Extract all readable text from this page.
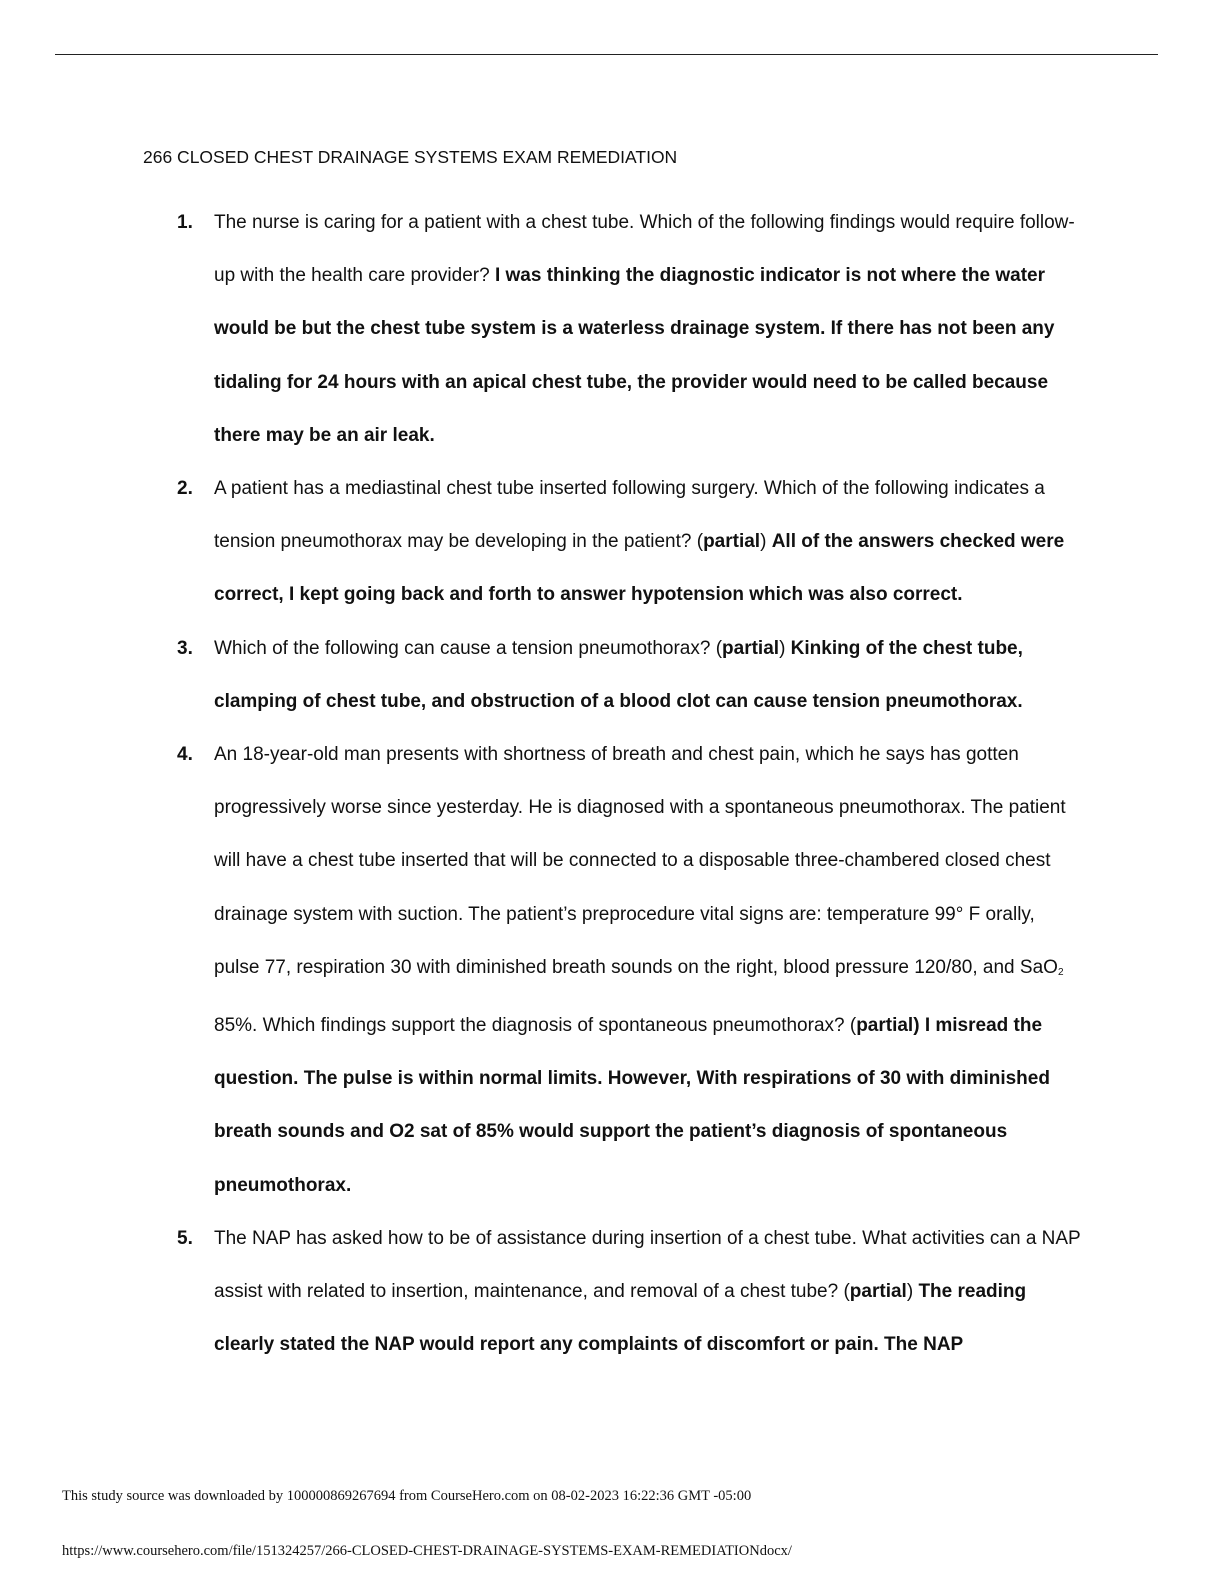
266 CLOSED CHEST DRAINAGE SYSTEMS EXAM REMEDIATION
1. The nurse is caring for a patient with a chest tube. Which of the following findings would require follow-up with the health care provider? I was thinking the diagnostic indicator is not where the water would be but the chest tube system is a waterless drainage system. If there has not been any tidaling for 24 hours with an apical chest tube, the provider would need to be called because there may be an air leak.
2. A patient has a mediastinal chest tube inserted following surgery. Which of the following indicates a tension pneumothorax may be developing in the patient? (partial) All of the answers checked were correct, I kept going back and forth to answer hypotension which was also correct.
3. Which of the following can cause a tension pneumothorax? (partial) Kinking of the chest tube, clamping of chest tube, and obstruction of a blood clot can cause tension pneumothorax.
4. An 18-year-old man presents with shortness of breath and chest pain, which he says has gotten progressively worse since yesterday. He is diagnosed with a spontaneous pneumothorax. The patient will have a chest tube inserted that will be connected to a disposable three-chambered closed chest drainage system with suction. The patient’s preprocedure vital signs are: temperature 99° F orally, pulse 77, respiration 30 with diminished breath sounds on the right, blood pressure 120/80, and SaO$_2$ 85%. Which findings support the diagnosis of spontaneous pneumothorax? (partial) I misread the question. The pulse is within normal limits. However, With respirations of 30 with diminished breath sounds and O2 sat of 85% would support the patient’s diagnosis of spontaneous pneumothorax.
5. The NAP has asked how to be of assistance during insertion of a chest tube. What activities can a NAP assist with related to insertion, maintenance, and removal of a chest tube? (partial) The reading clearly stated the NAP would report any complaints of discomfort or pain. The NAP
This study source was downloaded by 100000869267694 from CourseHero.com on 08-02-2023 16:22:36 GMT -05:00
https://www.coursehero.com/file/151324257/266-CLOSED-CHEST-DRAINAGE-SYSTEMS-EXAM-REMEDIATIONdocx/
